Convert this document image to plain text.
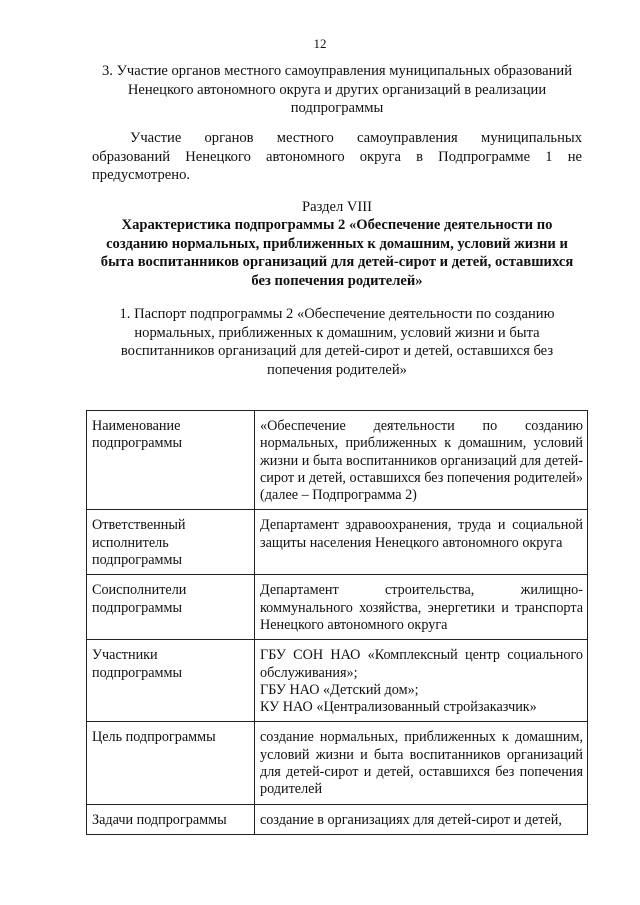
12
3. Участие органов местного самоуправления муниципальных образований Ненецкого автономного округа и других организаций в реализации подпрограммы
Участие органов местного самоуправления муниципальных образований Ненецкого автономного округа в Подпрограмме 1 не предусмотрено.
Раздел VIII
Характеристика подпрограммы 2 «Обеспечение деятельности по созданию нормальных, приближенных к домашним, условий жизни и быта воспитанников организаций для детей-сирот и детей, оставшихся без попечения родителей»
1. Паспорт подпрограммы 2 «Обеспечение деятельности по созданию нормальных, приближенных к домашним, условий жизни и быта воспитанников организаций для детей-сирот и детей, оставшихся без попечения родителей»
Наименование подпрограммы	«Обеспечение деятельности по созданию нормальных, приближенных к домашним, условий жизни и быта воспитанников организаций для детей-сирот и детей, оставшихся без попечения родителей» (далее – Подпрограмма 2)

Ответственный исполнитель подпрограммы	Департамент здравоохранения, труда и социальной защиты населения Ненецкого автономного округа

Соисполнители подпрограммы	Департамент строительства, жилищно-коммунального хозяйства, энергетики и транспорта Ненецкого автономного округа

Участники подпрограммы	ГБУ СОН НАО «Комплексный центр социального обслуживания»;
ГБУ НАО «Детский дом»;
КУ НАО «Централизованный стройзаказчик»

Цель подпрограммы	создание нормальных, приближенных к домашним, условий жизни и быта воспитанников организаций для детей-сирот и детей, оставшихся без попечения родителей

Задачи подпрограммы	создание в организациях для детей-сирот и детей,
